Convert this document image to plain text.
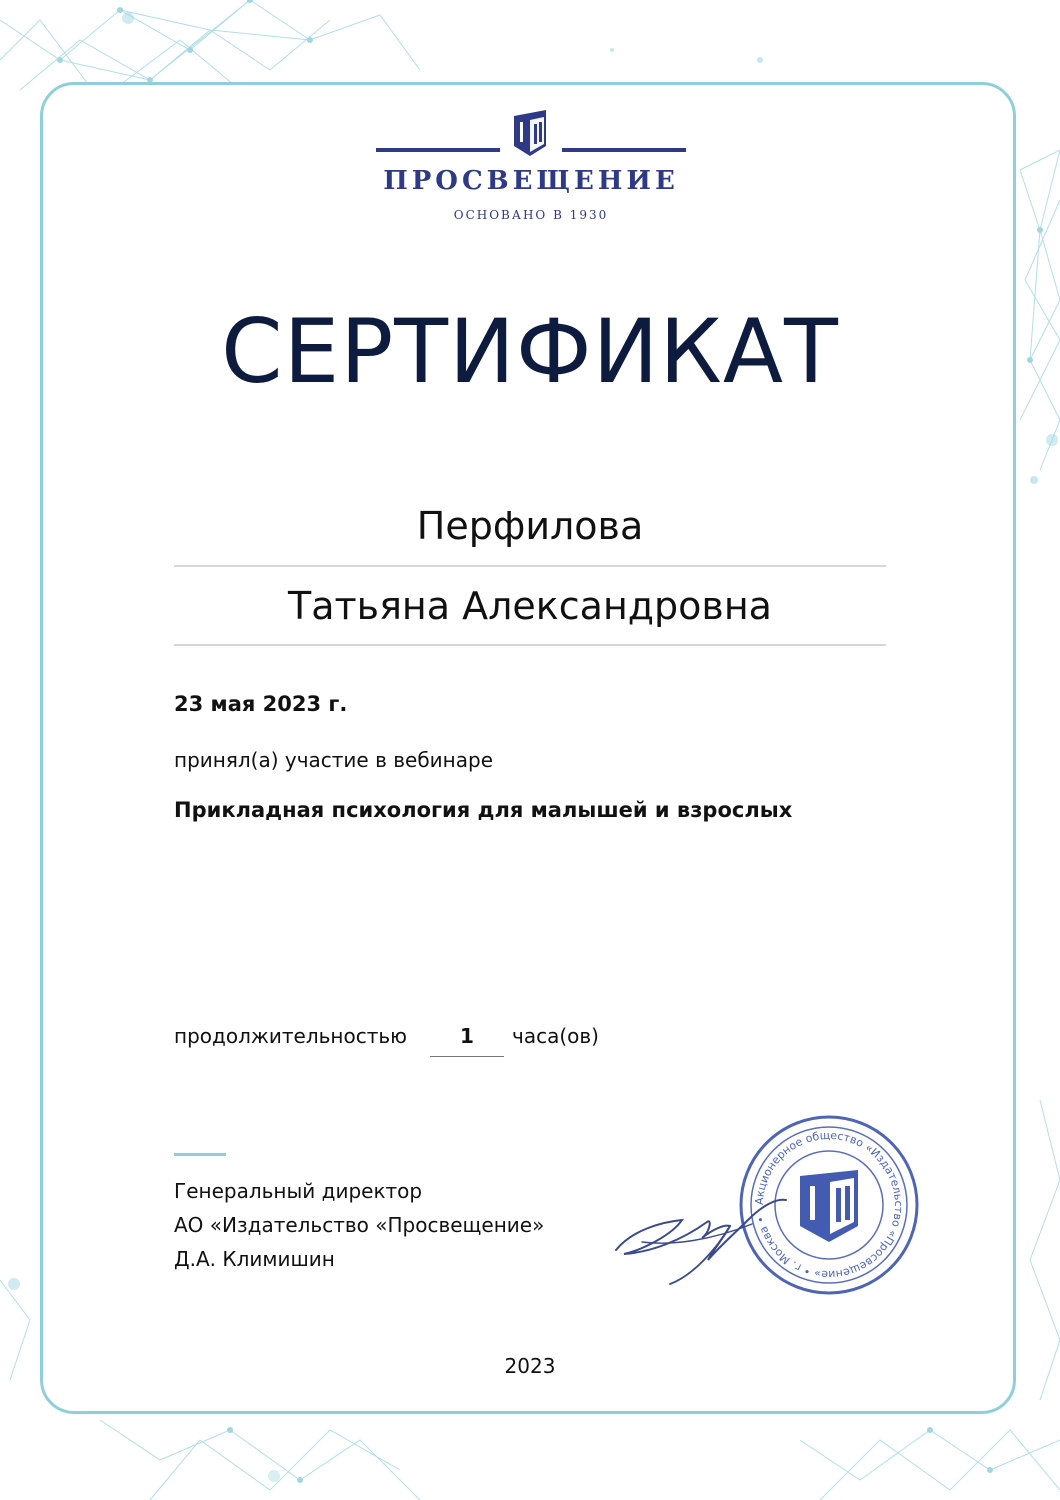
ПРОСВЕЩЕНИЕ
ОСНОВАНО В 1930
СЕРТИФИКАТ
Перфилова
Татьяна Александровна
23 мая 2023 г.
принял(а) участие в вебинаре
Прикладная психология для малышей и взрослых
продолжительностью	1	часа(ов)
Генеральный директор
АО «Издательство «Просвещение»
Д.А. Климишин
Акционерное общество «Издательство «Просвещение» • г. Москва •
2023
